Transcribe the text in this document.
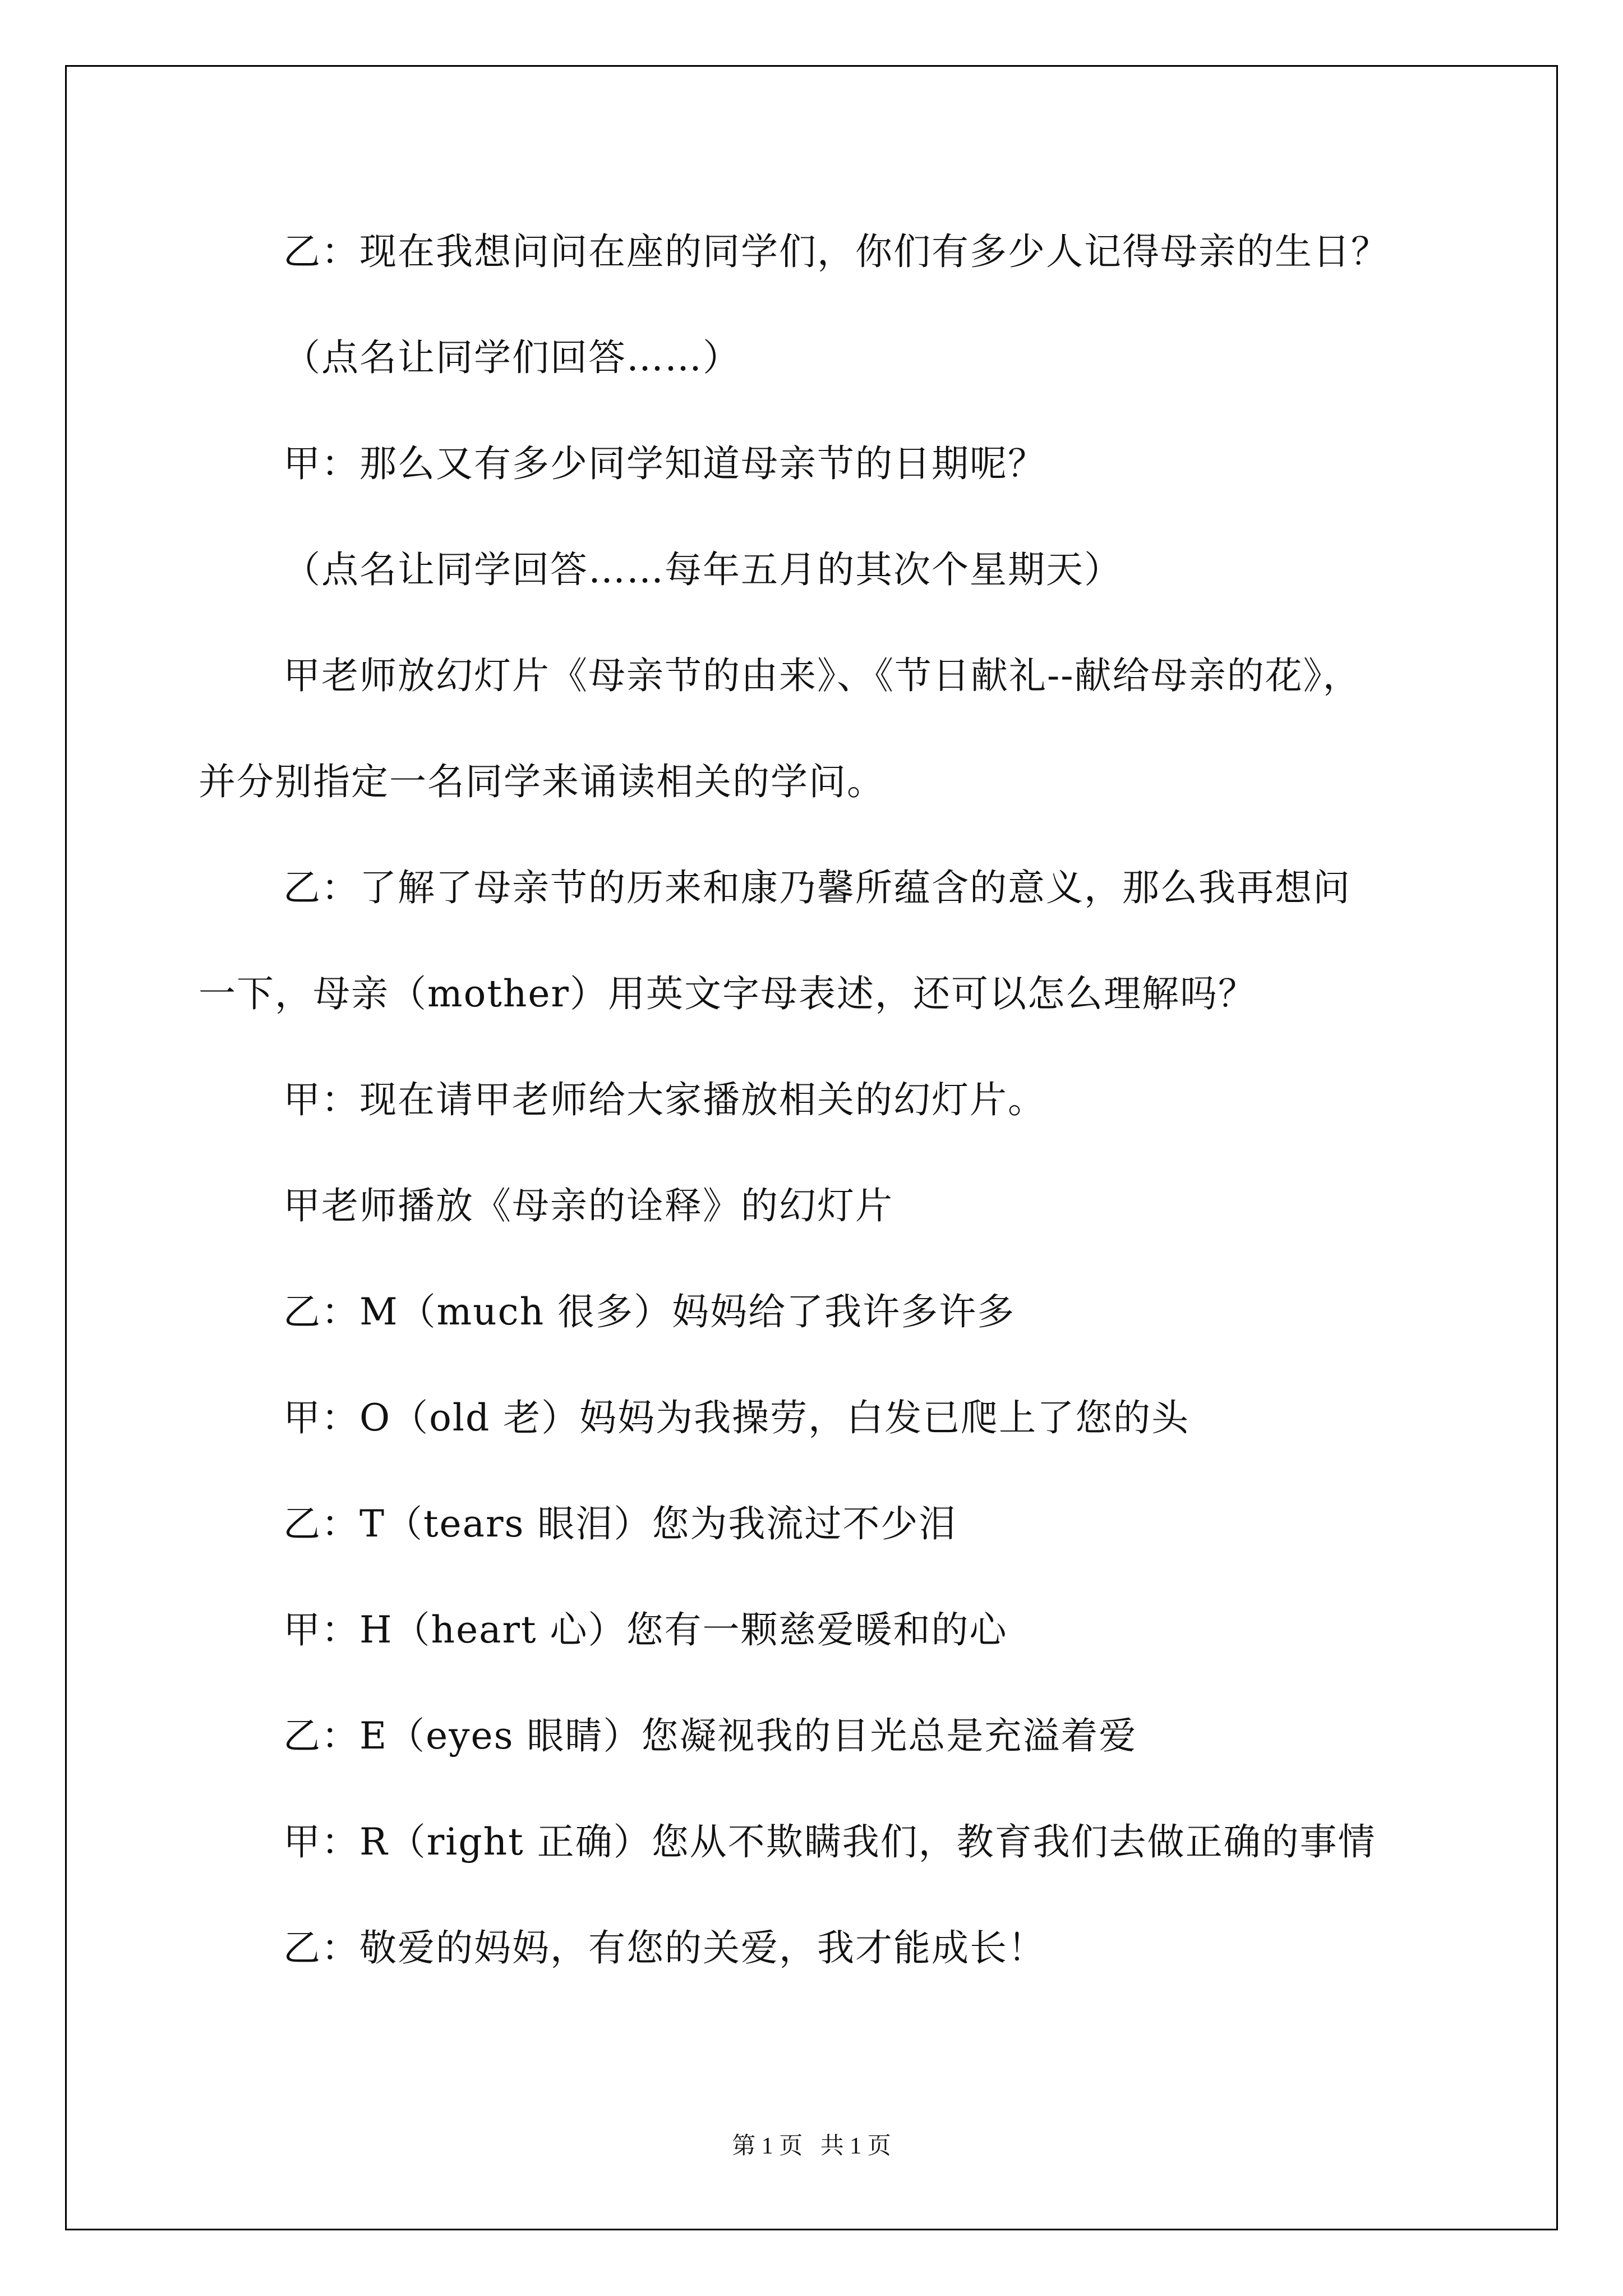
乙：现在我想问问在座的同学们，你们有多少人记得母亲的生日？
（点名让同学们回答……）
甲：那么又有多少同学知道母亲节的日期呢？
（点名让同学回答……每年五月的其次个星期天）
甲老师放幻灯片《母亲节的由来》、《节日献礼--献给母亲的花》，
并分别指定一名同学来诵读相关的学问。
乙：了解了母亲节的历来和康乃馨所蕴含的意义，那么我再想问
一下，母亲（mother）用英文字母表述，还可以怎么理解吗？
甲：现在请甲老师给大家播放相关的幻灯片。
甲老师播放《母亲的诠释》的幻灯片
乙：M（much 很多）妈妈给了我许多许多
甲：O（old 老）妈妈为我操劳，白发已爬上了您的头
乙：T（tears 眼泪）您为我流过不少泪
甲：H（heart 心）您有一颗慈爱暖和的心
乙：E（eyes 眼睛）您凝视我的目光总是充溢着爱
甲：R（right 正确）您从不欺瞒我们，教育我们去做正确的事情
乙：敬爱的妈妈，有您的关爱，我才能成长！
第 1 页   共 1 页
